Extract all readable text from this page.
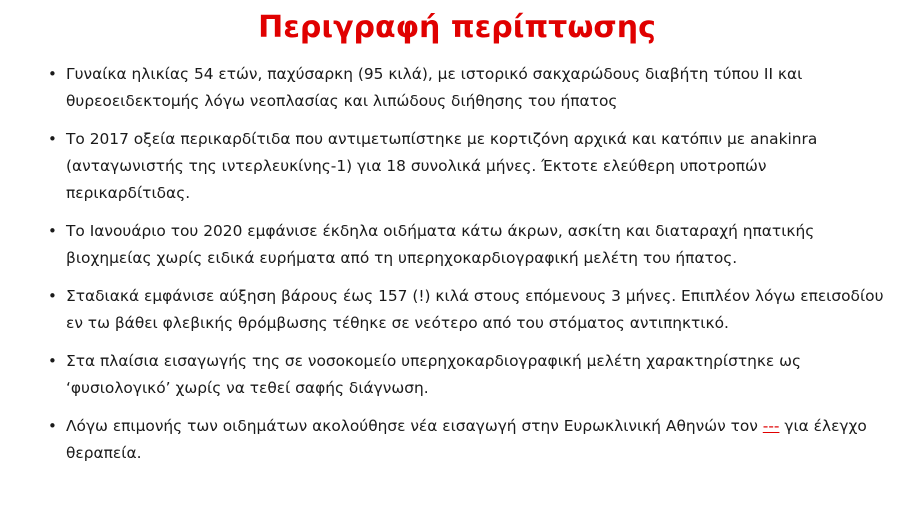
Περιγραφή περίπτωσης
• Γυναίκα ηλικίας 54 ετών, παχύσαρκη (95 κιλά), με ιστορικό σακχαρώδους διαβήτη τύπου ΙΙ και θυρεοειδεκτομής λόγω νεοπλασίας και λιπώδους διήθησης του ήπατος
• Το 2017 οξεία περικαρδίτιδα που αντιμετωπίστηκε με κορτιζόνη αρχικά και κατόπιν με anakinra (ανταγωνιστής της ιντερλευκίνης-1) για 18 συνολικά μήνες. Έκτοτε ελεύθερη υποτροπών περικαρδίτιδας.
• Το Ιανουάριο του 2020 εμφάνισε έκδηλα οιδήματα κάτω άκρων, ασκίτη και διαταραχή ηπατικής βιοχημείας χωρίς ειδικά ευρήματα από τη υπερηχοκαρδιογραφική μελέτη του ήπατος.
• Σταδιακά εμφάνισε αύξηση βάρους έως 157 (!) κιλά στους επόμενους 3 μήνες. Επιπλέον λόγω επεισοδίου εν τω βάθει φλεβικής θρόμβωσης τέθηκε σε νεότερο από του στόματος αντιπηκτικό.
• Στα πλαίσια εισαγωγής της σε νοσοκομείο υπερηχοκαρδιογραφική μελέτη χαρακτηρίστηκε ως ‘φυσιολογικό’ χωρίς να τεθεί σαφής διάγνωση.
• Λόγω επιμονής των οιδημάτων ακολούθησε νέα εισαγωγή στην Ευρωκλινική Αθηνών τον --- για έλεγχο θεραπεία.
